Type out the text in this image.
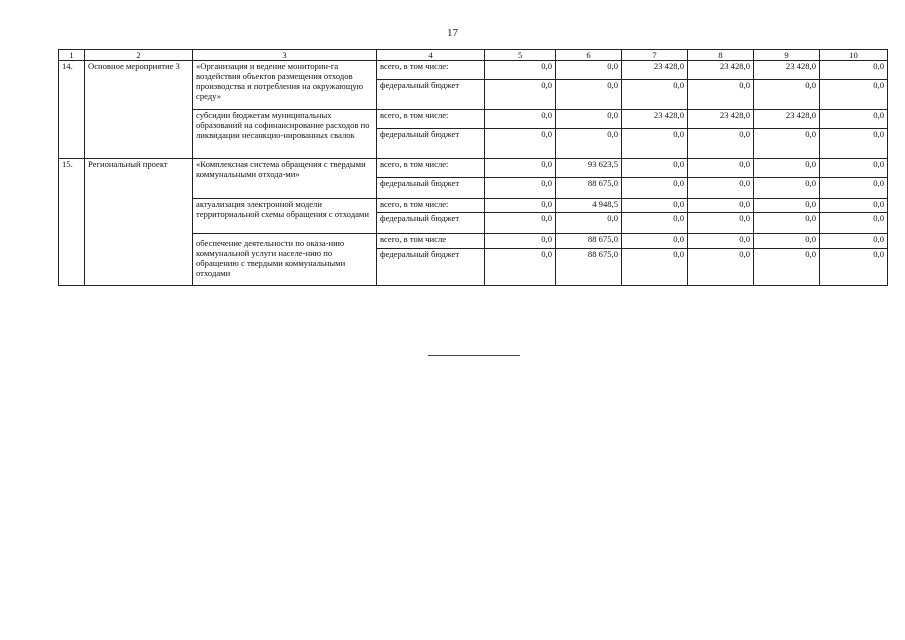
17
1	2	3	4	5	6	7	8	9	10
14.	Основное мероприятие 3	«Организация и ведение мониторин-га воздействия объектов размещения отходов производства и потребления на окружающую среду»	всего, в том числе:	0,0	0,0	23 428,0	23 428,0	23 428,0	0,0
			федеральный бюджет	0,0	0,0	0,0	0,0	0,0	0,0
		субсидии бюджетам муниципальных образований на софинансирование расходов по ликвидации несанкцио-нированных свалок	всего, в том числе:	0,0	0,0	23 428,0	23 428,0	23 428,0	0,0
			федеральный бюджет	0,0	0,0	0,0	0,0	0,0	0,0
15.	Региональный проект	«Комплексная система обращения с твердыми коммунальными отхода-ми»	всего, в том числе:	0,0	93 623,5	0,0	0,0	0,0	0,0
			федеральный бюджет	0,0	88 675,0	0,0	0,0	0,0	0,0
		актуализация электронной модели территориальной схемы обращения с отходами	всего, в том числе:	0,0	4 948,5	0,0	0,0	0,0	0,0
			федеральный бюджет	0,0	0,0	0,0	0,0	0,0	0,0
		обеспечение деятельности по оказа-нию коммунальной услуги населе-нию по обращению с твердыми коммунальными отходами	всего, в том числе	0,0	88 675,0	0,0	0,0	0,0	0,0
			федеральный бюджет	0,0	88 675,0	0,0	0,0	0,0	0,0
